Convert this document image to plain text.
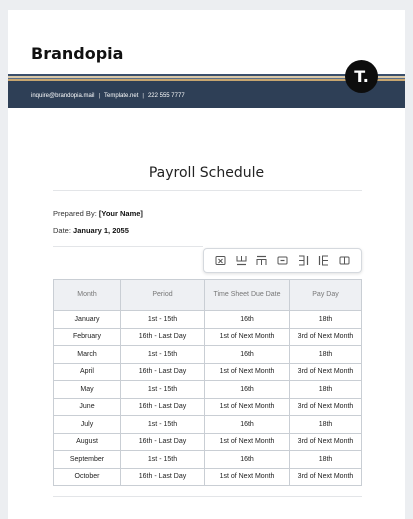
Brandopia
inquire@brandopia.mail | Template.net | 222 555 7777
T.
Payroll Schedule
Prepared By: [Your Name]
Date: January 1, 2055
Month	Period	Time Sheet Due Date	Pay Day
January	1st - 15th	16th	18th
February	16th - Last Day	1st of Next Month	3rd of Next Month
March	1st - 15th	16th	18th
April	16th - Last Day	1st of Next Month	3rd of Next Month
May	1st - 15th	16th	18th
June	16th - Last Day	1st of Next Month	3rd of Next Month
July	1st - 15th	16th	18th
August	16th - Last Day	1st of Next Month	3rd of Next Month
September	1st - 15th	16th	18th
October	16th - Last Day	1st of Next Month	3rd of Next Month
